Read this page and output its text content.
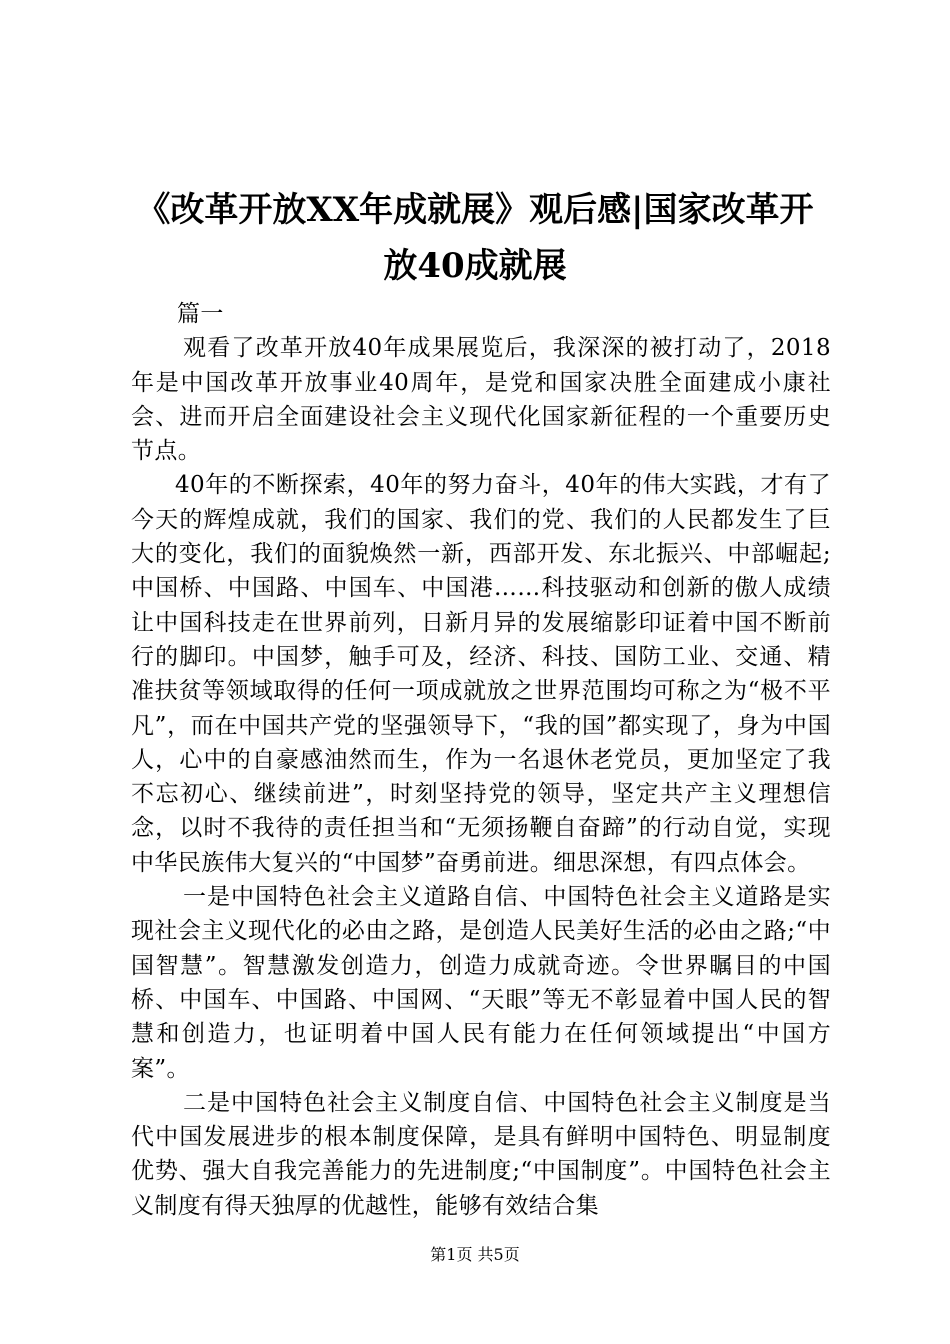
《改革开放XX年成就展》观后感|国家改革开放40成就展

篇一

观看了改革开放40年成果展览后，我深深的被打动了，2018年是中国改革开放事业40周年，是党和国家决胜全面建成小康社会、进而开启全面建设社会主义现代化国家新征程的一个重要历史节点。

40年的不断探索，40年的努力奋斗，40年的伟大实践，才有了今天的辉煌成就，我们的国家、我们的党、我们的人民都发生了巨大的变化，我们的面貌焕然一新，西部开发、东北振兴、中部崛起;中国桥、中国路、中国车、中国港……科技驱动和创新的傲人成绩让中国科技走在世界前列，日新月异的发展缩影印证着中国不断前行的脚印。中国梦，触手可及，经济、科技、国防工业、交通、精准扶贫等领域取得的任何一项成就放之世界范围均可称之为“极不平凡”，而在中国共产党的坚强领导下，“我的国”都实现了，身为中国人，心中的自豪感油然而生，作为一名退休老党员，更加坚定了我不忘初心、继续前进”，时刻坚持党的领导，坚定共产主义理想信念，以时不我待的责任担当和“无须扬鞭自奋蹄”的行动自觉，实现中华民族伟大复兴的“中国梦”奋勇前进。细思深想，有四点体会。

一是中国特色社会主义道路自信、中国特色社会主义道路是实现社会主义现代化的必由之路，是创造人民美好生活的必由之路;“中国智慧”。智慧激发创造力，创造力成就奇迹。令世界瞩目的中国桥、中国车、中国路、中国网、“天眼”等无不彰显着中国人民的智慧和创造力，也证明着中国人民有能力在任何领域提出“中国方案”。

二是中国特色社会主义制度自信、中国特色社会主义制度是当代中国发展进步的根本制度保障，是具有鲜明中国特色、明显制度优势、强大自我完善能力的先进制度;“中国制度”。中国特色社会主义制度有得天独厚的优越性，能够有效结合集

第1页 共5页
